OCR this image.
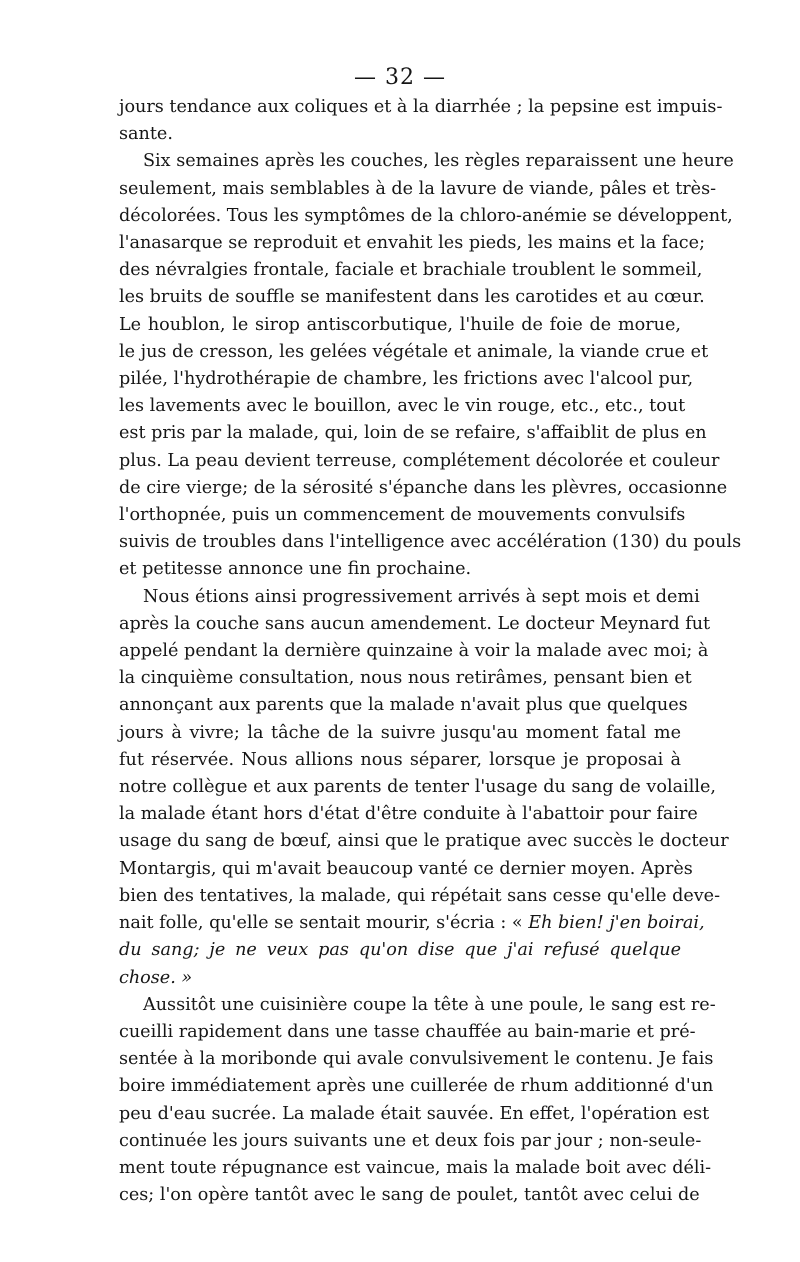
— 32 —

jours tendance aux coliques et à la diarrhée ; la pepsine est impuis-
sante.

Six semaines après les couches, les règles reparaissent une heure
seulement, mais semblables à de la lavure de viande, pâles et très-
décolorées. Tous les symptômes de la chloro-anémie se développent,
l'anasarque se reproduit et envahit les pieds, les mains et la face;
des névralgies frontale, faciale et brachiale troublent le sommeil,
les bruits de souffle se manifestent dans les carotides et au cœur.
Le houblon, le sirop antiscorbutique, l'huile de foie de morue,
le jus de cresson, les gelées végétale et animale, la viande crue et
pilée, l'hydrothérapie de chambre, les frictions avec l'alcool pur,
les lavements avec le bouillon, avec le vin rouge, etc., etc., tout
est pris par la malade, qui, loin de se refaire, s'affaiblit de plus en
plus. La peau devient terreuse, complétement décolorée et couleur
de cire vierge; de la sérosité s'épanche dans les plèvres, occasionne
l'orthopnée, puis un commencement de mouvements convulsifs
suivis de troubles dans l'intelligence avec accélération (130) du pouls
et petitesse annonce une fin prochaine.

Nous étions ainsi progressivement arrivés à sept mois et demi
après la couche sans aucun amendement. Le docteur Meynard fut
appelé pendant la dernière quinzaine à voir la malade avec moi; à
la cinquième consultation, nous nous retirâmes, pensant bien et
annonçant aux parents que la malade n'avait plus que quelques
jours à vivre; la tâche de la suivre jusqu'au moment fatal me
fut réservée. Nous allions nous séparer, lorsque je proposai à
notre collègue et aux parents de tenter l'usage du sang de volaille,
la malade étant hors d'état d'être conduite à l'abattoir pour faire
usage du sang de bœuf, ainsi que le pratique avec succès le docteur
Montargis, qui m'avait beaucoup vanté ce dernier moyen. Après
bien des tentatives, la malade, qui répétait sans cesse qu'elle deve-
nait folle, qu'elle se sentait mourir, s'écria : « Eh bien! j'en boirai,
du sang; je ne veux pas qu'on dise que j'ai refusé quelque
chose. »

Aussitôt une cuisinière coupe la tête à une poule, le sang est re-
cueilli rapidement dans une tasse chauffée au bain-marie et pré-
sentée à la moribonde qui avale convulsivement le contenu. Je fais
boire immédiatement après une cuillerée de rhum additionné d'un
peu d'eau sucrée. La malade était sauvée. En effet, l'opération est
continuée les jours suivants une et deux fois par jour ; non-seule-
ment toute répugnance est vaincue, mais la malade boit avec déli-
ces; l'on opère tantôt avec le sang de poulet, tantôt avec celui de
